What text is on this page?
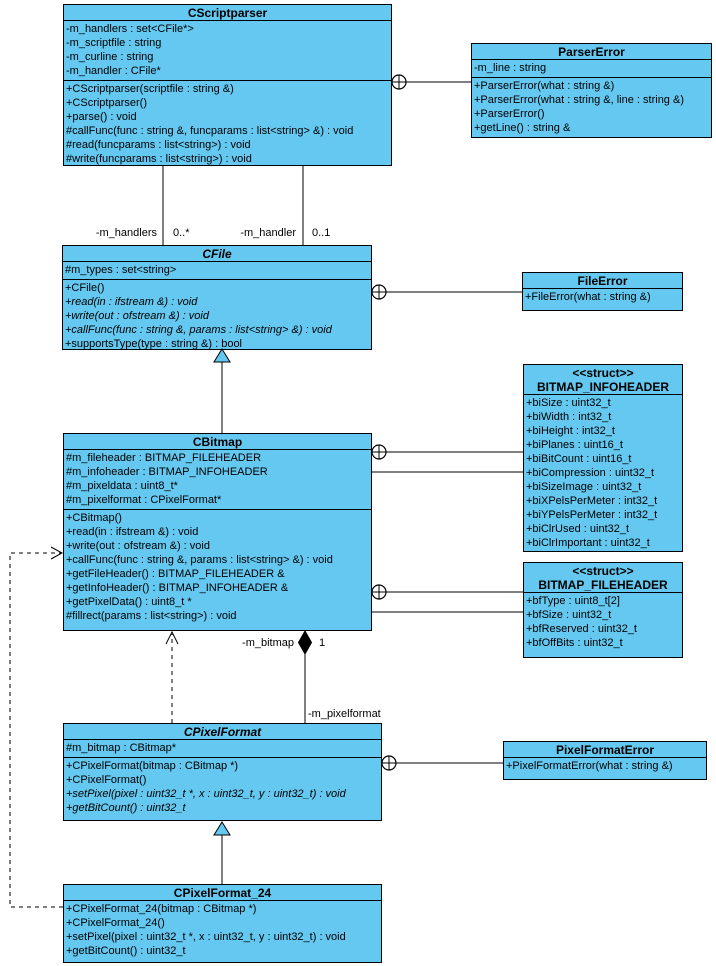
-m_handlers 0..*	-m_handler 0..1
-m_bitmap 1
-m_pixelformat
CScriptparser
-m_handlers : set<CFile*>
-m_scriptfile : string
-m_curline : string
-m_handler : CFile*
+CScriptparser(scriptfile : string &)
+CScriptparser()
+parse() : void
#callFunc(func : string &, funcparams : list<string> &) : void
#read(funcparams : list<string>) : void
#write(funcparams : list<string>) : void
ParserError
-m_line : string
+ParserError(what : string &)
+ParserError(what : string &, line : string &)
+ParserError()
+getLine() : string &
CFile
#m_types : set<string>
+CFile()
+read(in : ifstream &) : void
+write(out : ofstream &) : void
+callFunc(func : string &, params : list<string> &) : void
+supportsType(type : string &) : bool
FileError
+FileError(what : string &)
CBitmap
#m_fileheader : BITMAP_FILEHEADER
#m_infoheader : BITMAP_INFOHEADER
#m_pixeldata : uint8_t*
#m_pixelformat : CPixelFormat*
+CBitmap()
+read(in : ifstream &) : void
+write(out : ofstream &) : void
+callFunc(func : string &, params : list<string> &) : void
+getFileHeader() : BITMAP_FILEHEADER &
+getInfoHeader() : BITMAP_INFOHEADER &
+getPixelData() : uint8_t *
#fillrect(params : list<string>) : void
<<struct>>
BITMAP_INFOHEADER
+biSize : uint32_t
+biWidth : int32_t
+biHeight : int32_t
+biPlanes : uint16_t
+biBitCount : uint16_t
+biCompression : uint32_t
+biSizeImage : uint32_t
+biXPelsPerMeter : int32_t
+biYPelsPerMeter : int32_t
+biClrUsed : uint32_t
+biClrImportant : uint32_t
<<struct>>
BITMAP_FILEHEADER
+bfType : uint8_t[2]
+bfSize : uint32_t
+bfReserved : uint32_t
+bfOffBits : uint32_t
CPixelFormat
#m_bitmap : CBitmap*
+CPixelFormat(bitmap : CBitmap *)
+CPixelFormat()
+setPixel(pixel : uint32_t *, x : uint32_t, y : uint32_t) : void
+getBitCount() : uint32_t
PixelFormatError
+PixelFormatError(what : string &)
CPixelFormat_24
+CPixelFormat_24(bitmap : CBitmap *)
+CPixelFormat_24()
+setPixel(pixel : uint32_t *, x : uint32_t, y : uint32_t) : void
+getBitCount() : uint32_t
